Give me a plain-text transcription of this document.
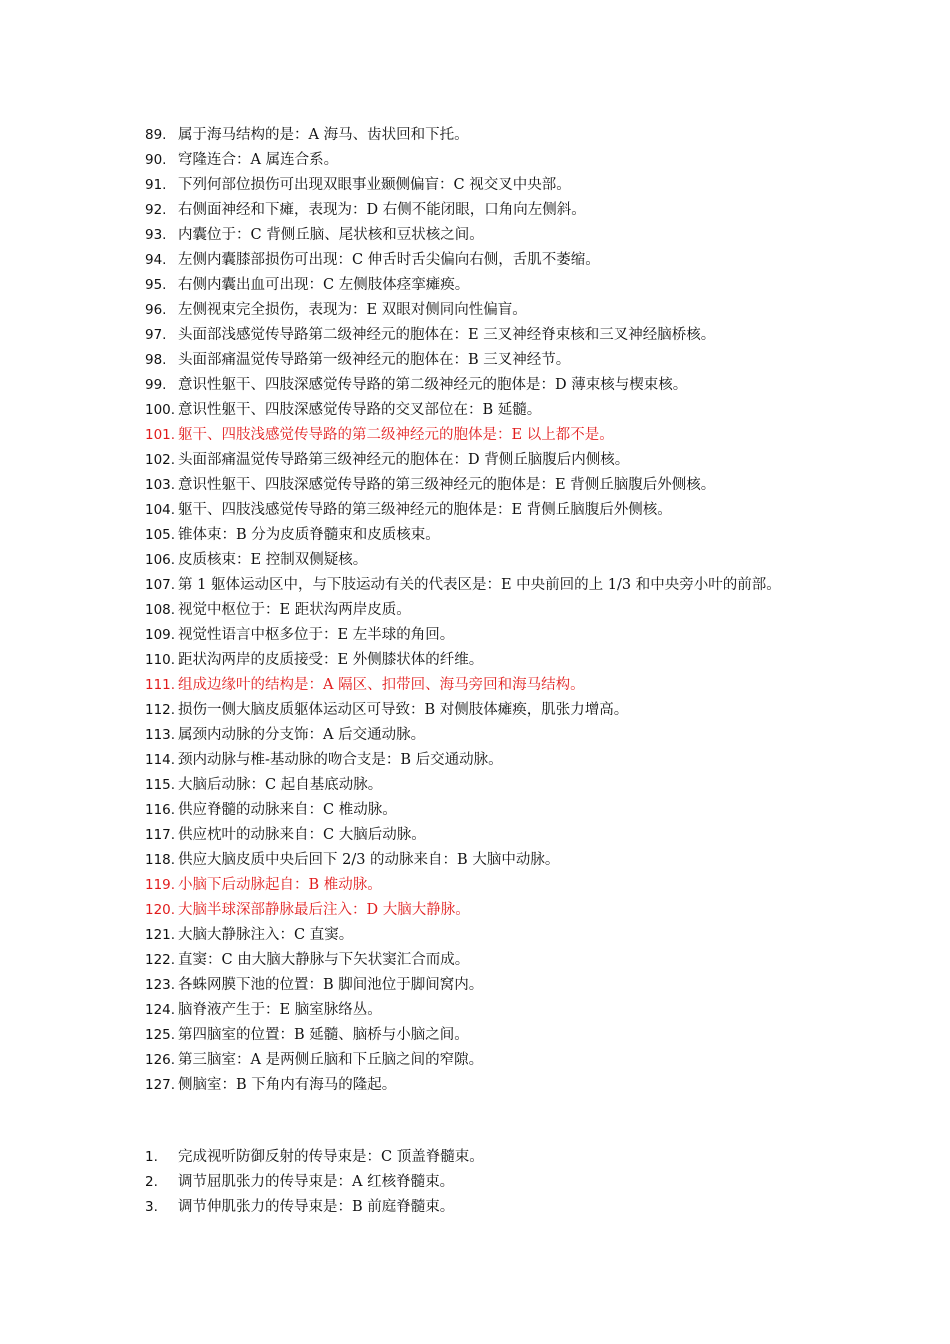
89. 属于海马结构的是：A 海马、齿状回和下托。
90. 穹隆连合：A 属连合系。
91. 下列何部位损伤可出现双眼事业颞侧偏盲：C 视交叉中央部。
92. 右侧面神经和下瘫，表现为：D 右侧不能闭眼，口角向左侧斜。
93. 内囊位于：C 背侧丘脑、尾状核和豆状核之间。
94. 左侧内囊膝部损伤可出现：C 伸舌时舌尖偏向右侧，舌肌不萎缩。
95. 右侧内囊出血可出现：C 左侧肢体痉挛瘫痪。
96. 左侧视束完全损伤，表现为：E 双眼对侧同向性偏盲。
97. 头面部浅感觉传导路第二级神经元的胞体在：E 三叉神经脊束核和三叉神经脑桥核。
98. 头面部痛温觉传导路第一级神经元的胞体在：B 三叉神经节。
99. 意识性躯干、四肢深感觉传导路的第二级神经元的胞体是：D 薄束核与楔束核。
100. 意识性躯干、四肢深感觉传导路的交叉部位在：B 延髓。
101. 躯干、四肢浅感觉传导路的第二级神经元的胞体是：E 以上都不是。
102. 头面部痛温觉传导路第三级神经元的胞体在：D 背侧丘脑腹后内侧核。
103. 意识性躯干、四肢深感觉传导路的第三级神经元的胞体是：E 背侧丘脑腹后外侧核。
104. 躯干、四肢浅感觉传导路的第三级神经元的胞体是：E 背侧丘脑腹后外侧核。
105. 锥体束：B 分为皮质脊髓束和皮质核束。
106. 皮质核束：E 控制双侧疑核。
107. 第 1 躯体运动区中，与下肢运动有关的代表区是：E 中央前回的上 1/3 和中央旁小叶的前部。
108. 视觉中枢位于：E 距状沟两岸皮质。
109. 视觉性语言中枢多位于：E 左半球的角回。
110. 距状沟两岸的皮质接受：E 外侧膝状体的纤维。
111. 组成边缘叶的结构是：A 隔区、扣带回、海马旁回和海马结构。
112. 损伤一侧大脑皮质躯体运动区可导致：B 对侧肢体瘫痪，肌张力增高。
113. 属颈内动脉的分支饰：A 后交通动脉。
114. 颈内动脉与椎-基动脉的吻合支是：B 后交通动脉。
115. 大脑后动脉：C 起自基底动脉。
116. 供应脊髓的动脉来自：C 椎动脉。
117. 供应枕叶的动脉来自：C 大脑后动脉。
118. 供应大脑皮质中央后回下 2/3 的动脉来自：B 大脑中动脉。
119. 小脑下后动脉起自：B 椎动脉。
120. 大脑半球深部静脉最后注入：D 大脑大静脉。
121. 大脑大静脉注入：C 直窦。
122. 直窦：C 由大脑大静脉与下矢状窦汇合而成。
123. 各蛛网膜下池的位置：B 脚间池位于脚间窝内。
124. 脑脊液产生于：E 脑室脉络丛。
125. 第四脑室的位置：B 延髓、脑桥与小脑之间。
126. 第三脑室：A 是两侧丘脑和下丘脑之间的窄隙。
127. 侧脑室：B 下角内有海马的隆起。
1. 完成视听防御反射的传导束是：C 顶盖脊髓束。
2. 调节屈肌张力的传导束是：A 红核脊髓束。
3. 调节伸肌张力的传导束是：B 前庭脊髓束。
